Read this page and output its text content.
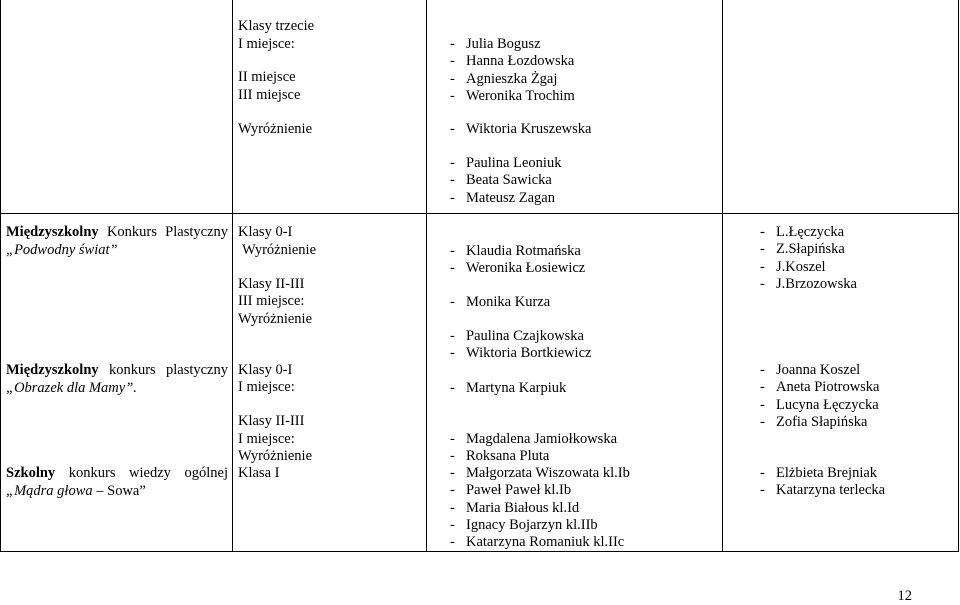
Klasy trzecie
I miejsce:
II miejsce
III miejsce
Wyróżnienie
- Julia Bogusz
- Hanna Łozdowska
- Agnieszka Żgaj
- Weronika Trochim
- Wiktoria Kruszewska
- Paulina Leoniuk
- Beata Sawicka
- Mateusz Zagan
Międzyszkolny Konkurs Plastyczny
„Podwodny świat”
Klasy 0-I
Wyróżnienie
Klasy II-III
III miejsce:
Wyróżnienie
- Klaudia Rotmańska
- Weronika Łosiewicz
- Monika Kurza
- Paulina Czajkowska
- Wiktoria Bortkiewicz
- L.Łęczycka
- Z.Słapińska
- J.Koszel
- J.Brzozowska
Międzyszkolny konkurs plastyczny
„Obrazek dla Mamy”.
Klasy 0-I
I miejsce:
Klasy II-III
I miejsce:
Wyróżnienie
- Martyna Karpiuk
- Magdalena Jamiołkowska
- Roksana Pluta
- Joanna Koszel
- Aneta Piotrowska
- Lucyna Łęczycka
- Zofia Słapińska
Szkolny konkurs wiedzy ogólnej
„Mądra głowa – Sowa”
Klasa I	- Małgorzata Wiszowata kl.Ib
- Paweł Paweł kl.Ib
- Maria Białous kl.Id
- Ignacy Bojarzyn kl.IIb
- Katarzyna Romaniuk kl.IIc
- Elżbieta Brejniak
- Katarzyna terlecka
12
